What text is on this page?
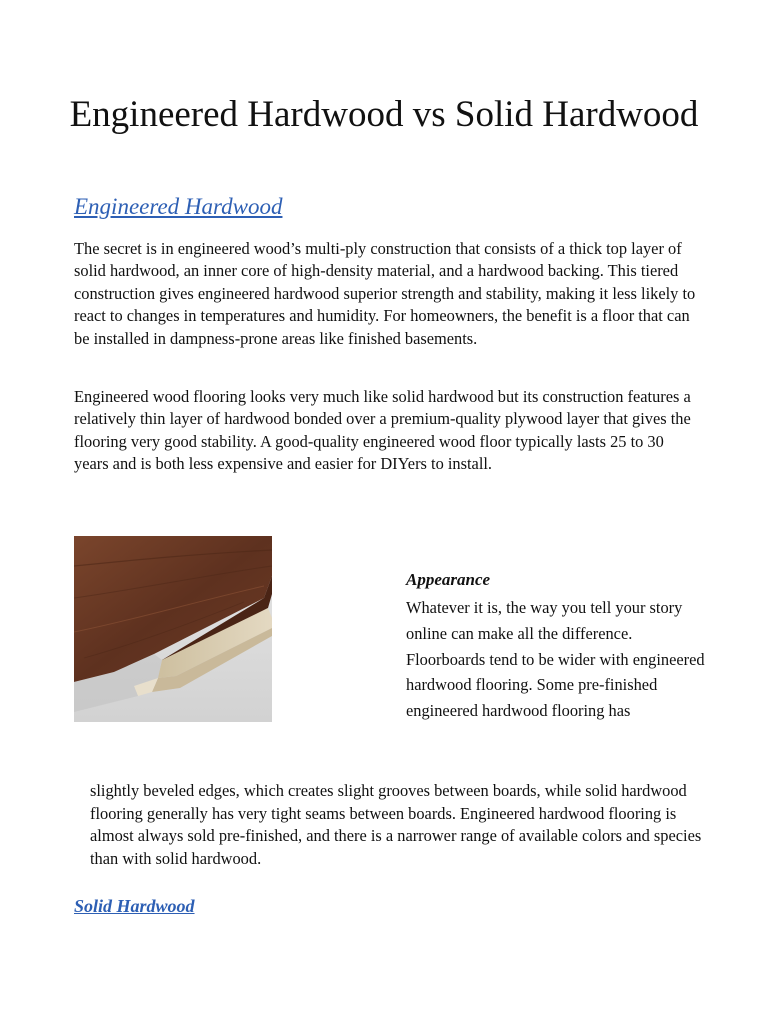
Engineered Hardwood vs Solid Hardwood
Engineered Hardwood

The secret is in engineered wood’s multi-ply construction that consists of a thick top layer of solid hardwood, an inner core of high-density material, and a hardwood backing. This tiered construction gives engineered hardwood superior strength and stability, making it less likely to react to changes in temperatures and humidity. For homeowners, the benefit is a floor that can be installed in dampness-prone areas like finished basements.

Engineered wood flooring looks very much like solid hardwood but its construction features a relatively thin layer of hardwood bonded over a premium-quality plywood layer that gives the flooring very good stability. A good-quality engineered wood floor typically lasts 25 to 30 years and is both less expensive and easier for DIYers to install.

Appearance

Whatever it is, the way you tell your story online can make all the difference. Floorboards tend to be wider with engineered hardwood flooring. Some pre-finished engineered hardwood flooring has

slightly beveled edges, which creates slight grooves between boards, while solid hardwood flooring generally has very tight seams between boards. Engineered hardwood flooring is almost always sold pre-finished, and there is a narrower range of available colors and species than with solid hardwood.

Solid Hardwood
